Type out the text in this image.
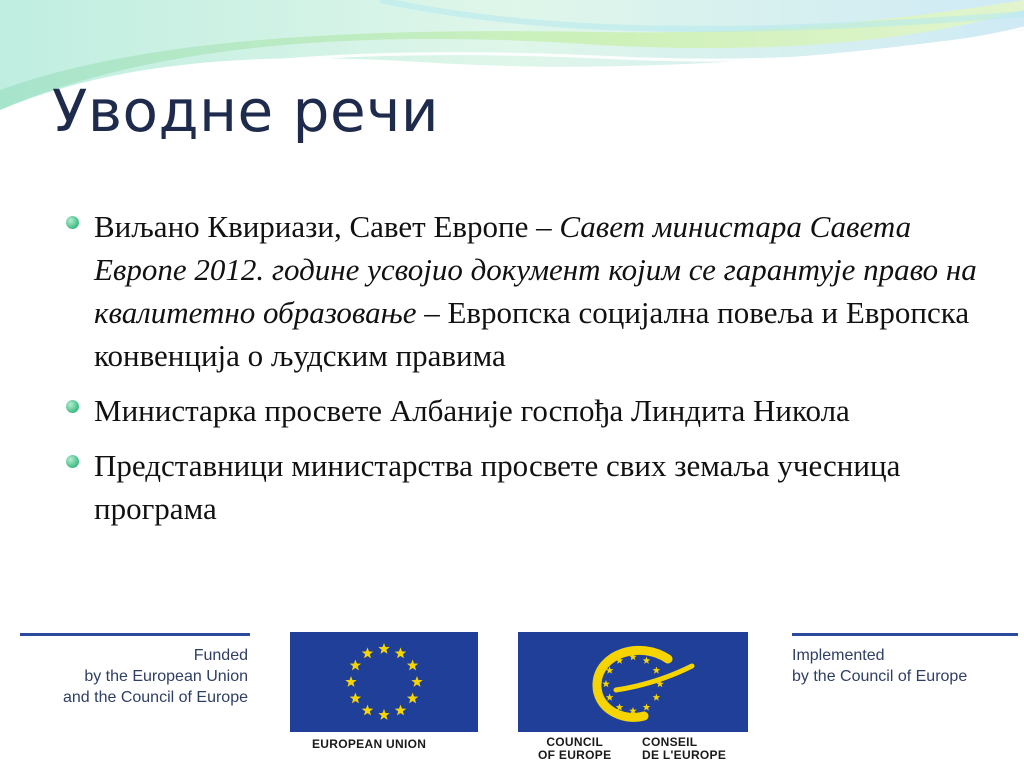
Уводне речи
Виљано Квириази, Савет Европе – Савет министара Савета Европе 2012. године усвојио документ којим се гарантује право на квалитетно образовање – Европска социјална повеља и Европска конвенција о људским правима
Министарка просвете Албаније госпођа Линдита Никола
Представници министарства просвете свих земаља учесница програма
Funded
by the European Union
and the Council of Europe
EUROPEAN UNION	COUNCIL
OF EUROPE
CONSEIL
DE L'EUROPE
Implemented
by the Council of Europe
